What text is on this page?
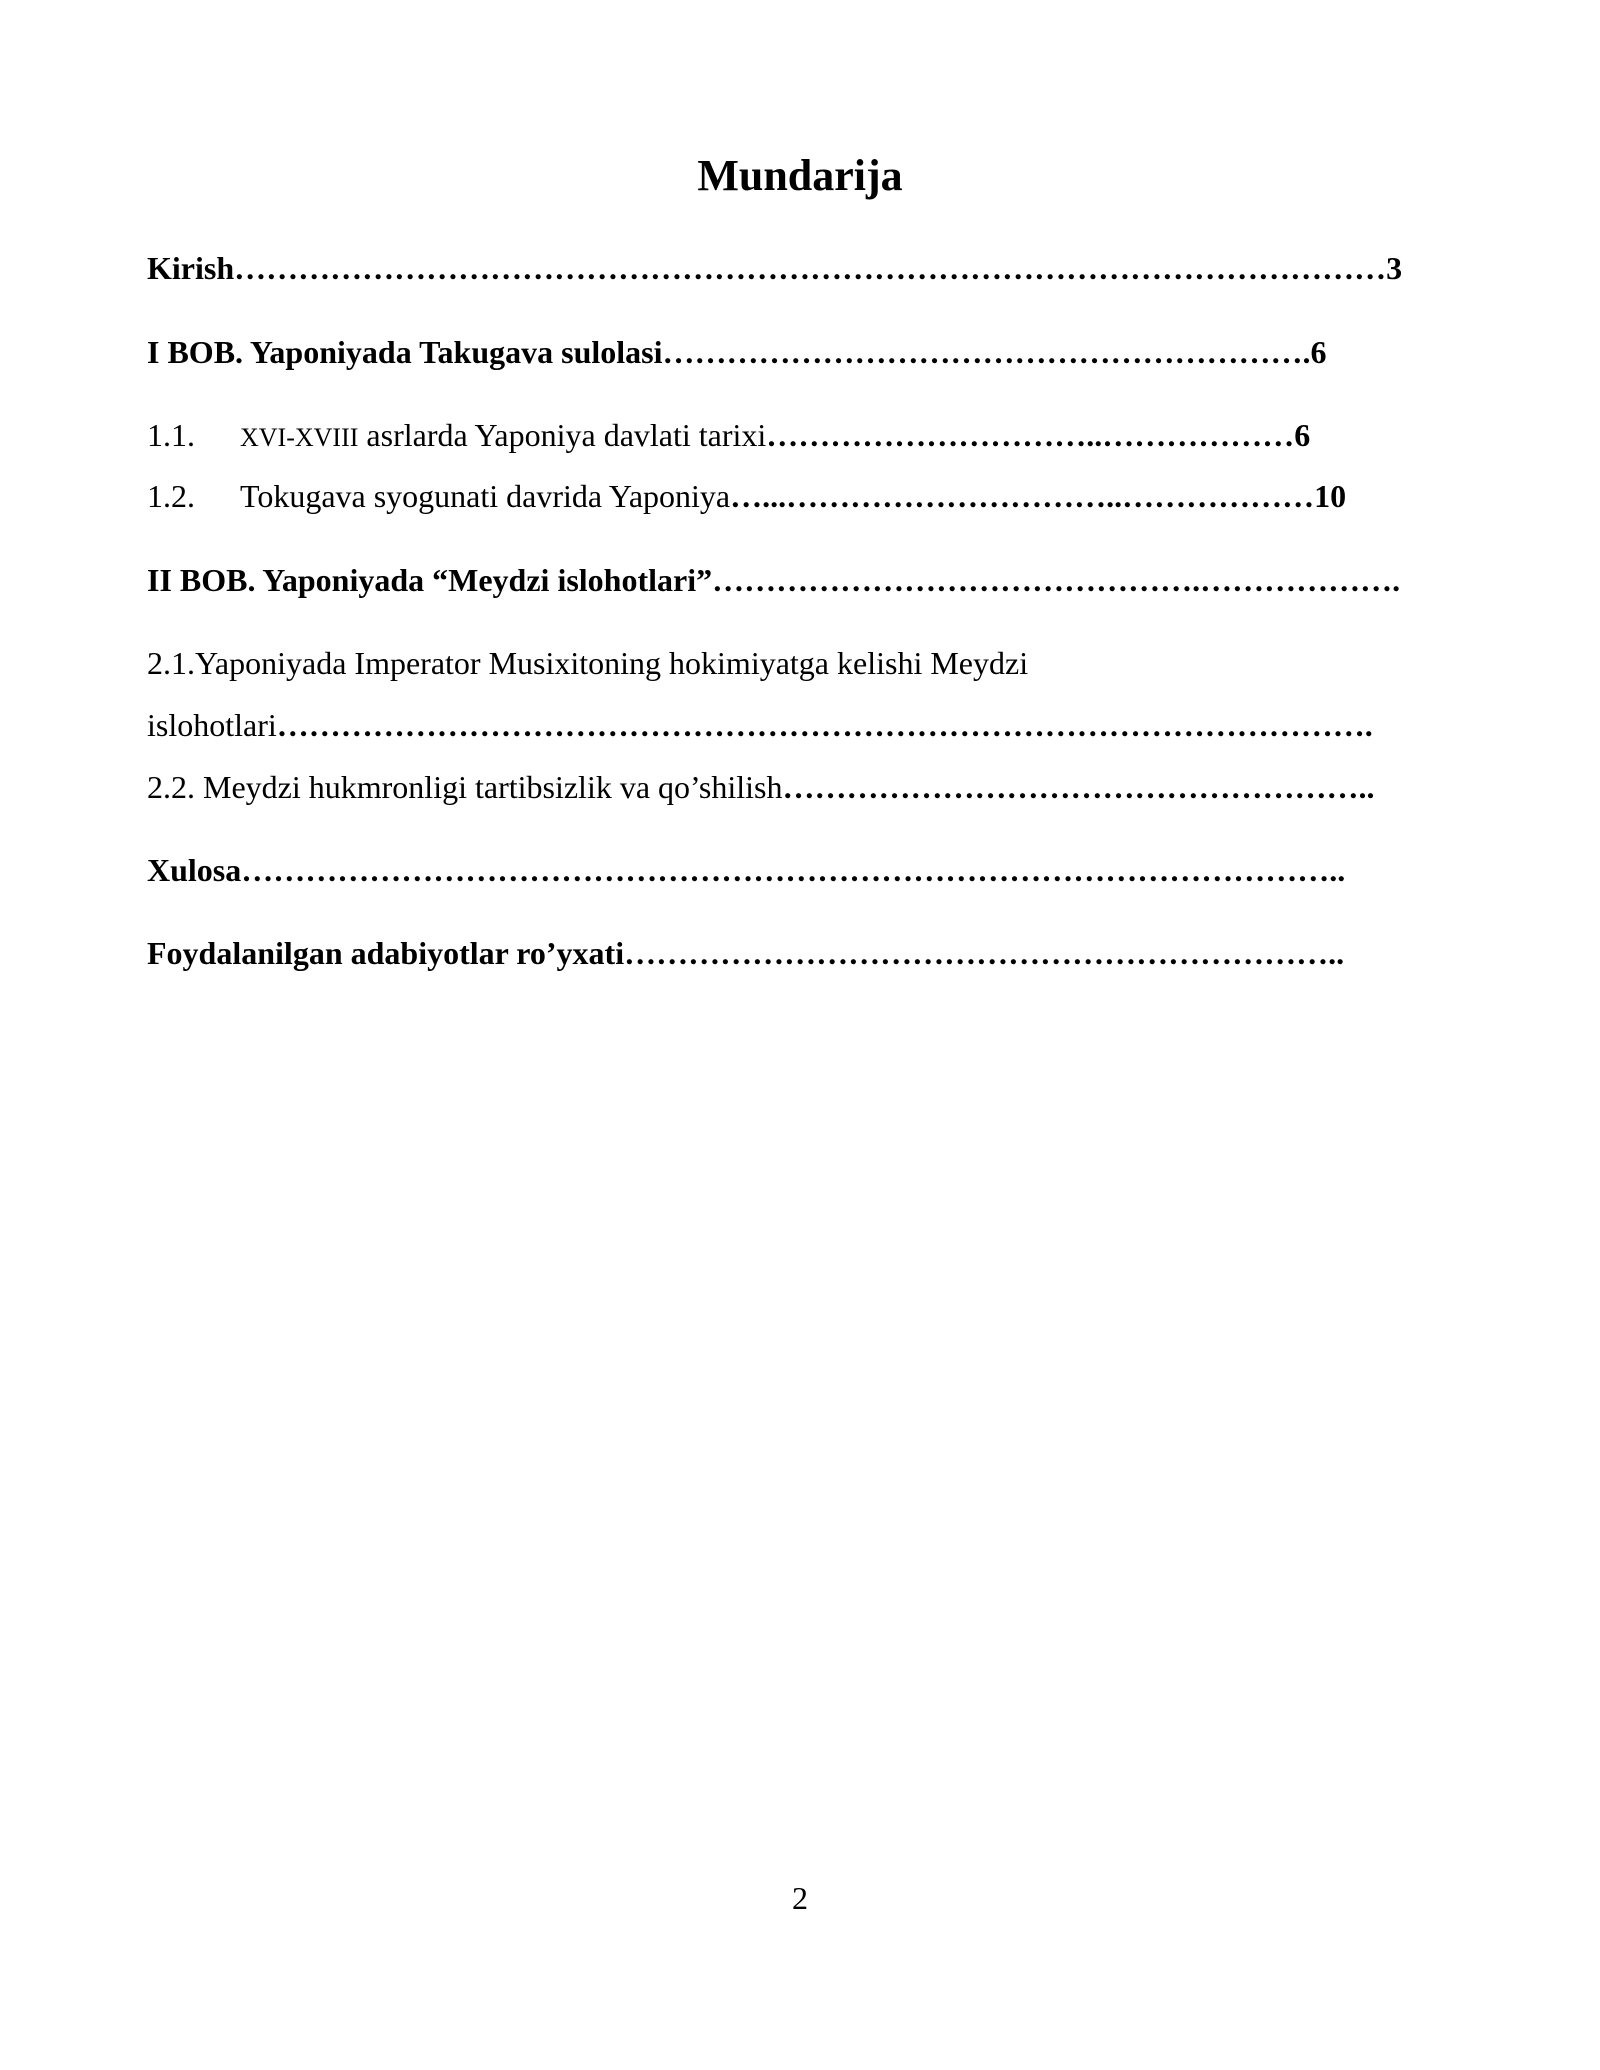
Mundarija
Kirish………………………………………………………………………………………………3
I BOB. Yaponiyada Takugava sulolasi…………………………………………………….6
1.1. XVI-XVIII asrlarda Yaponiya davlati tarixi…………………………..………………6
1.2. Tokugava syogunati davrida Yaponiya…...…………………………..………………10
II BOB. Yaponiyada “Meydzi islohotlari”……………………………………….……………….
2.1.Yaponiyada Imperator Musixitoning hokimiyatga kelishi Meydzi
islohotlari………………………………………………………………………………………….
2.2. Meydzi hukmronligi tartibsizlik va qo’shilish………………………………………………..
Xulosa…………………………………………………………………………………………..
Foydalanilgan adabiyotlar ro’yxati…………………………………………………………..
2
